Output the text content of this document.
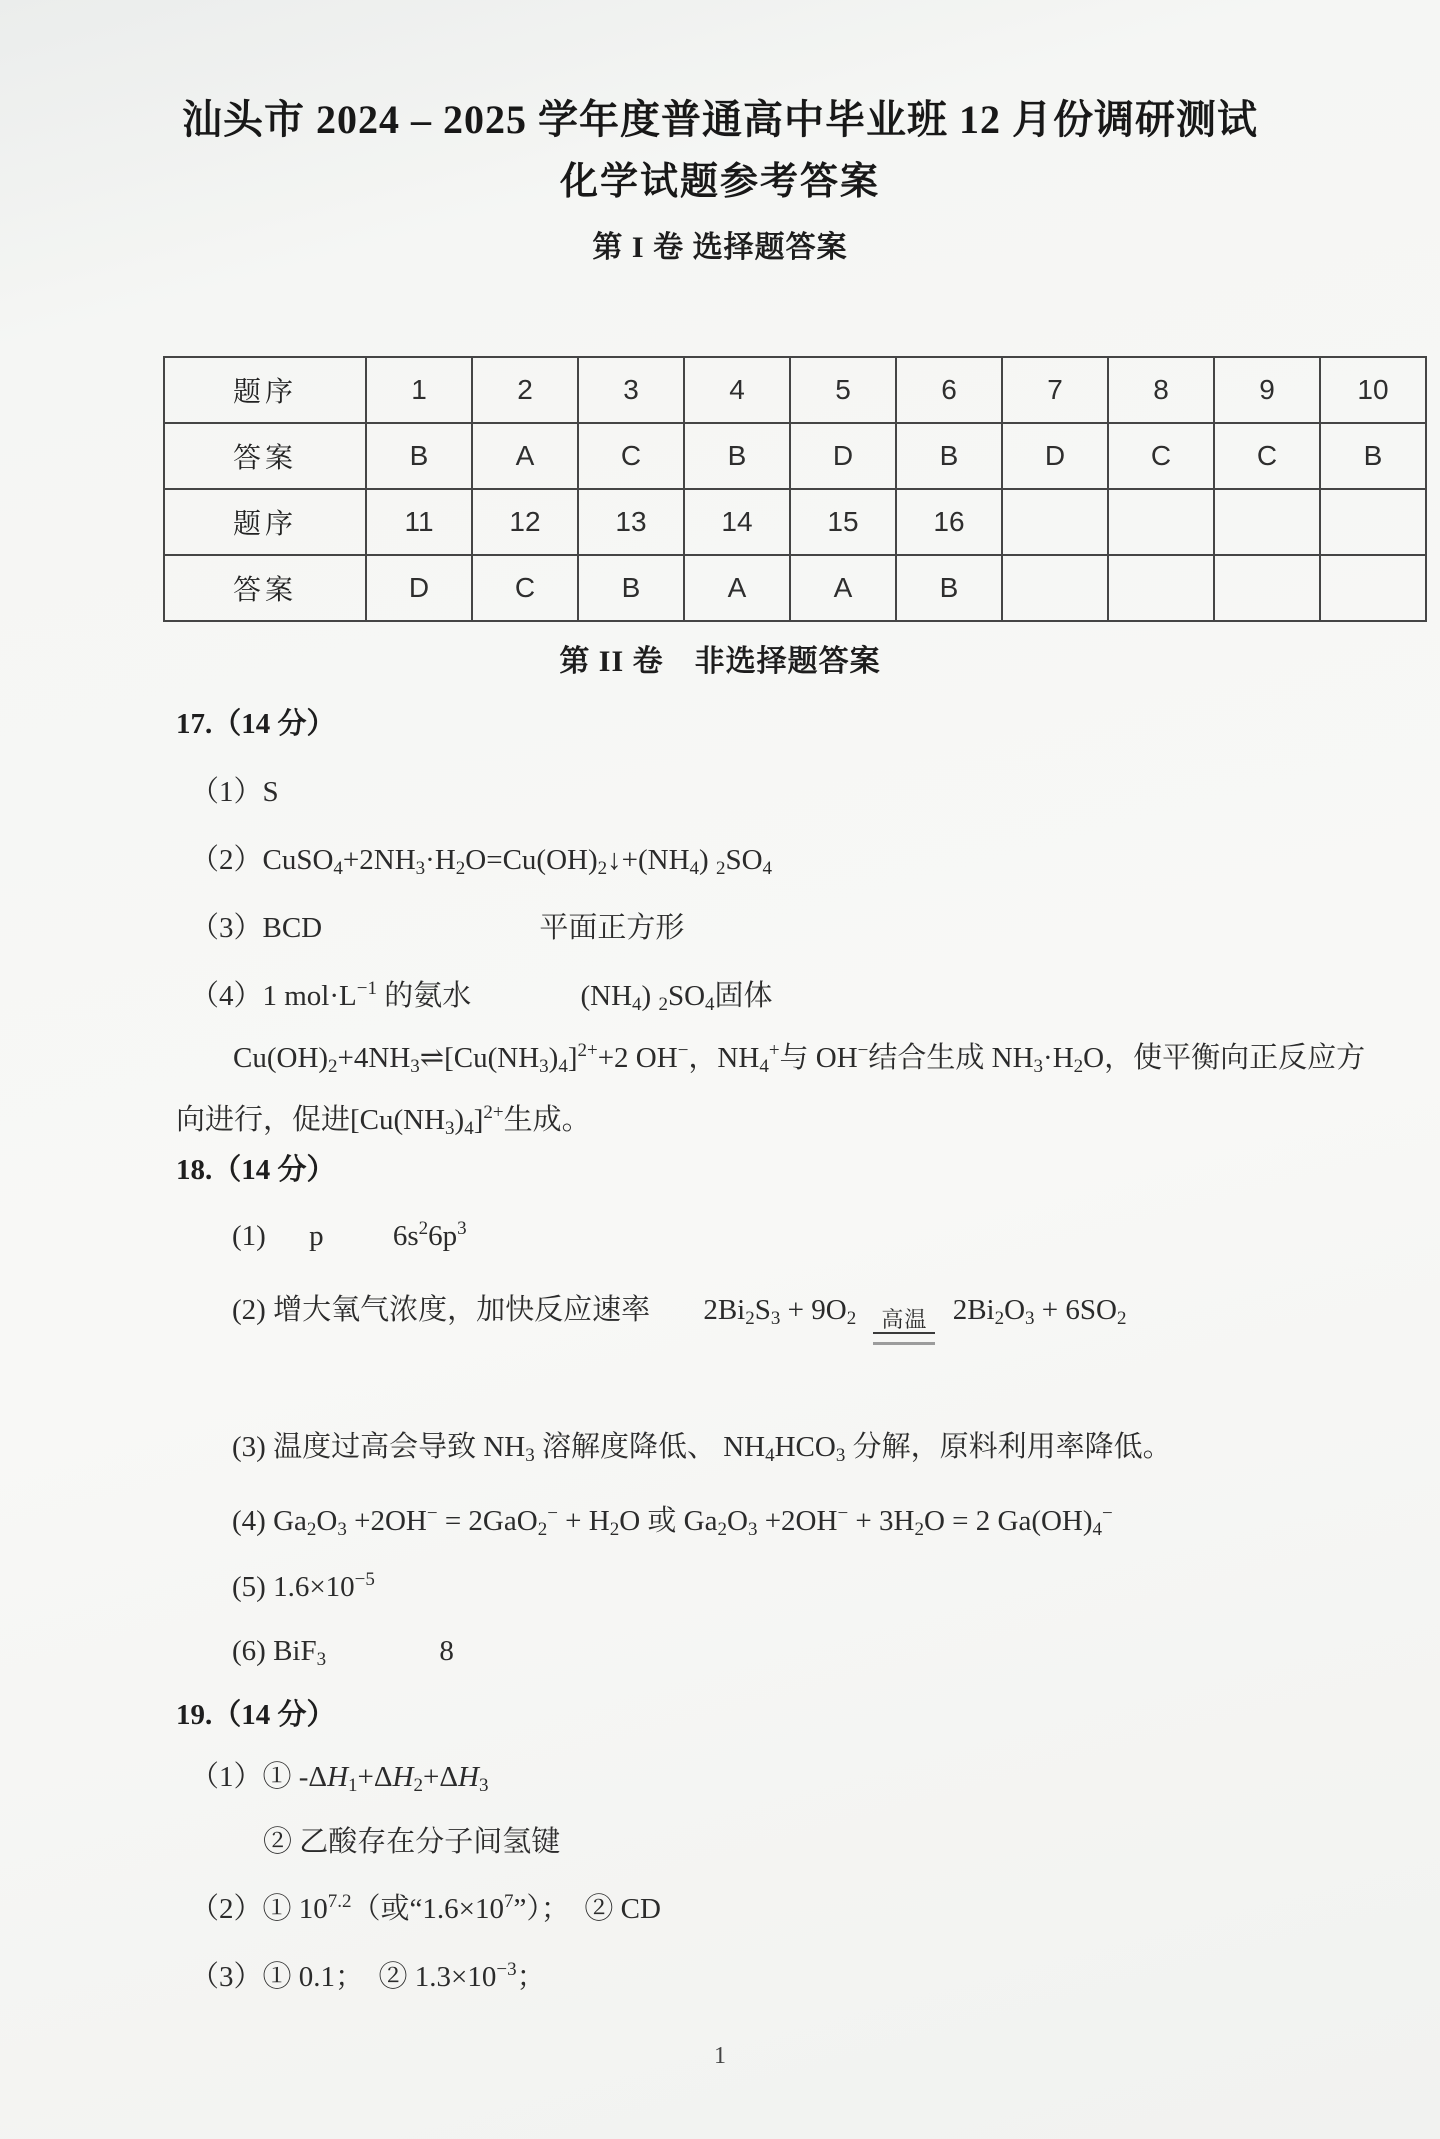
汕头市 2024 – 2025 学年度普通高中毕业班 12 月份调研测试
化学试题参考答案
第 I 卷 选择题答案
题序	1	2	3	4	5	6	7	8	9	10
答案	B	A	C	B	D	B	D	C	C	B
题序	11	12	13	14	15	16				
答案	D	C	B	A	A	B				
第 II 卷　非选择题答案
17.（14 分）
（1）S
$(2)CuSO_4+2NH_3\cdot H_2O=Cu(OH)_2↓+(NH_4)$ $_2SO_4$
（3）BCD	平面正方形
（4）1 $mol\cdot L^{-1}$ 的氨水	$(NH_4)$ $_2SO_4$固体
$Cu(OH)_2+4NH_3\rightleftharpoons[Cu(NH_3)_4]^{2+}+2$ OH−，$NH_4^+$与 OH−结合生成 $NH_3\cdot H_2O$，使平衡向正反应方
向进行，促进$[Cu(NH_3)_4]^{2+}$生成。
18.（14 分）
(1) p $6s^26p^3$
(2) 增大氧气浓度，加快反应速率 $2Bi_2S_3 + 9O_2$	高温 $2Bi_2O_3 + 6SO_2$
(3) 温度过高会导致 $NH_3$ 溶解度降低、 $NH_4HCO_3$ 分解，原料利用率降低。
(4) $Ga_2O_3 +2OH^- = 2GaO_2^- + H_2O$ 或 $Ga_2O_3 +2OH^- + 3H_2O = 2$ $Ga(OH)_4^-$
(5) $1.6\times 10^{-5}$
(6) BiF$_3$	8
19.（14 分）
（1）① $-\Delta H_1+\Delta H_2+\Delta H_3$
② 乙酸存在分子间氢键
（2）① $10^{7.2}$（或“$1.6\times 10^7$”）；　② CD
（3）① 0.1；　② $1.3\times 10^{-3}$；
1
